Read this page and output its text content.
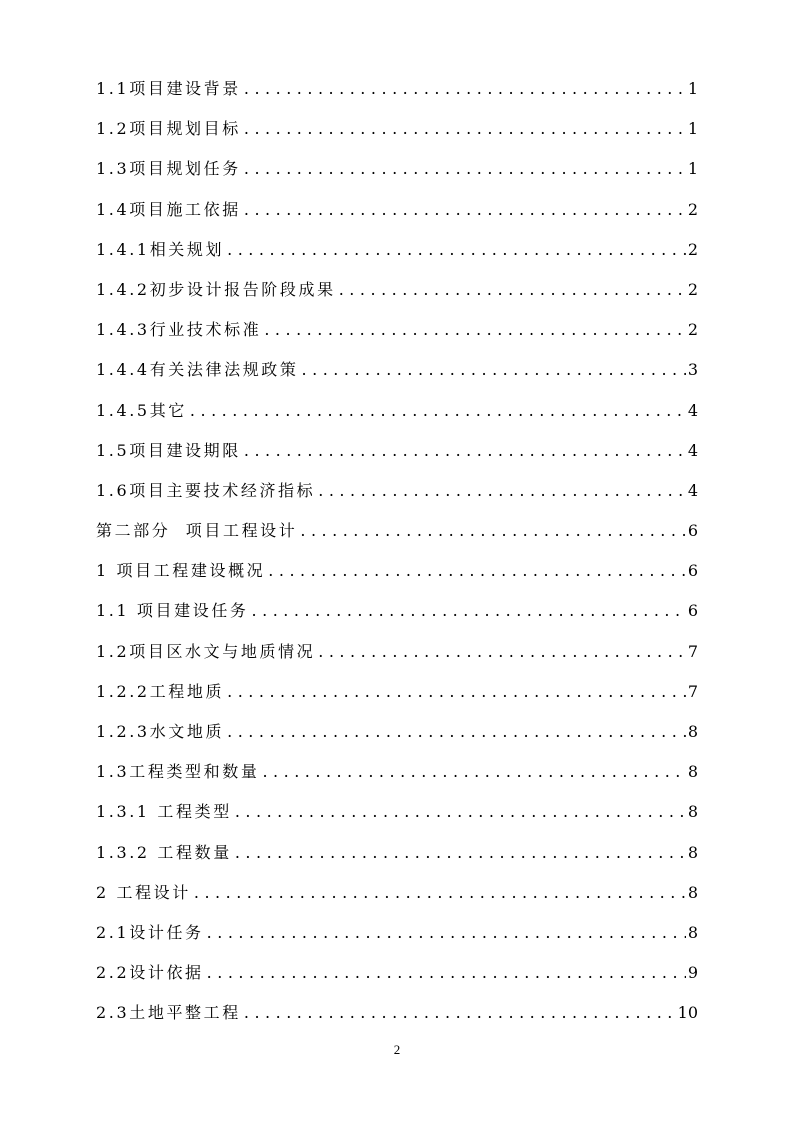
1.1项目建设背景 .....	1
1.2项目规划目标 .....	1
1.3项目规划任务 .....	1
1.4项目施工依据 .....	2
1.4.1相关规划 .....	2
1.4.2初步设计报告阶段成果 .....	2
1.4.3行业技术标准 .....	2
1.4.4有关法律法规政策 .....	3
1.4.5其它 .....	4
1.5项目建设期限 .....	4
1.6项目主要技术经济指标 .....	4
第二部分  项目工程设计 .....	6
1 项目工程建设概况 .....	6
1.1 项目建设任务 .....	6
1.2项目区水文与地质情况 .....	7
1.2.2工程地质 .....	7
1.2.3水文地质 .....	8
1.3工程类型和数量 .....	8
1.3.1 工程类型 .....	8
1.3.2 工程数量 .....	8
2 工程设计 .....	8
2.1设计任务 .....	8
2.2设计依据 .....	9
2.3土地平整工程 .....	10
2
